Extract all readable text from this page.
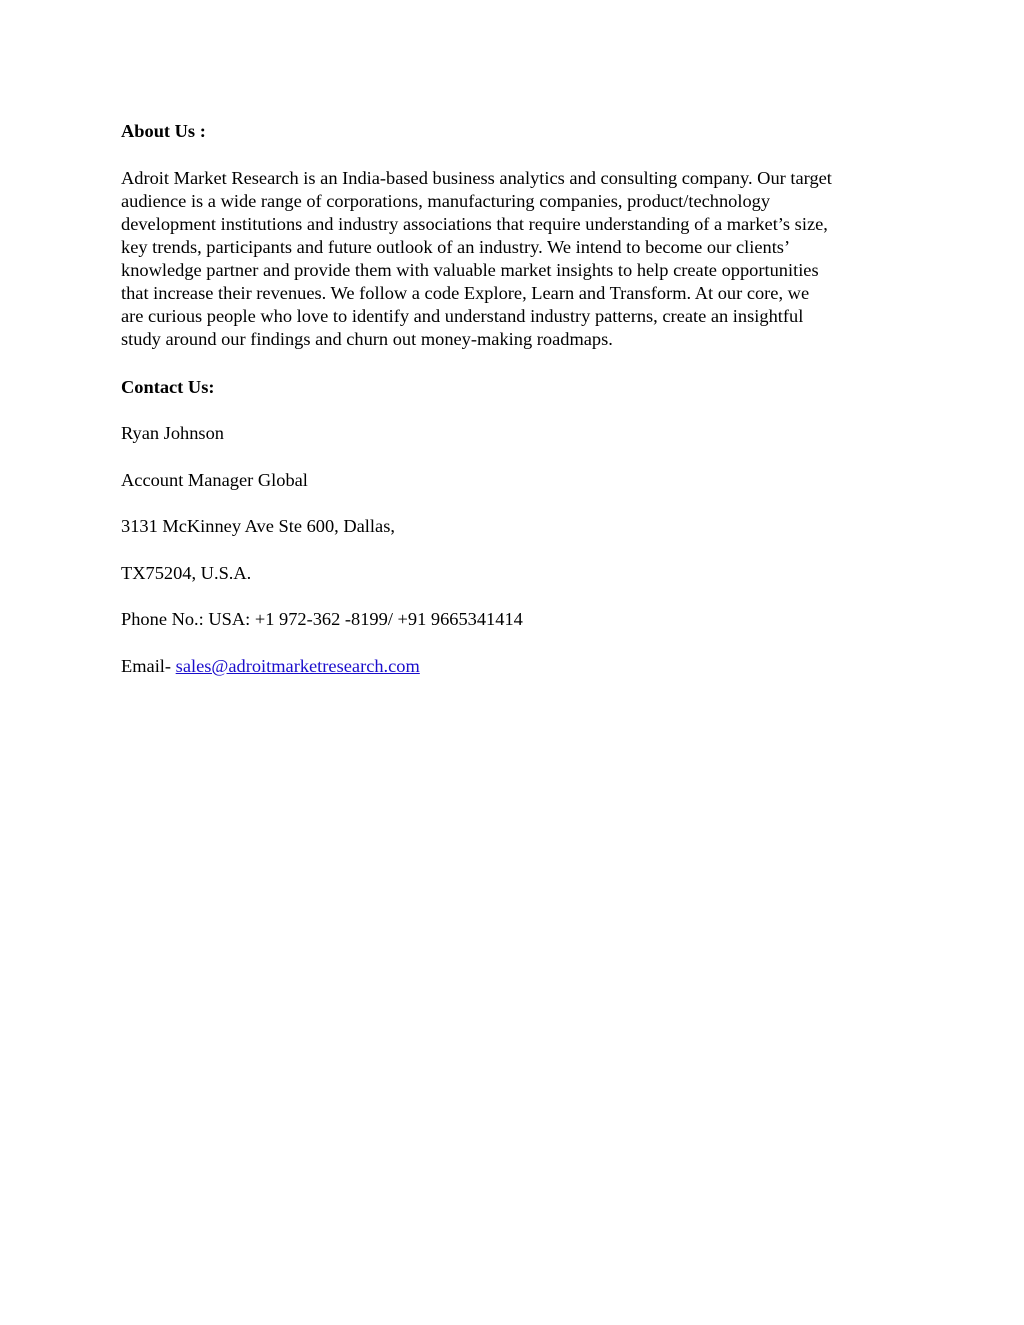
About Us :
Adroit Market Research is an India-based business analytics and consulting company. Our target
audience is a wide range of corporations, manufacturing companies, product/technology
development institutions and industry associations that require understanding of a market’s size,
key trends, participants and future outlook of an industry. We intend to become our clients’
knowledge partner and provide them with valuable market insights to help create opportunities
that increase their revenues. We follow a code Explore, Learn and Transform. At our core, we
are curious people who love to identify and understand industry patterns, create an insightful
study around our findings and churn out money-making roadmaps.
Contact Us:
Ryan Johnson
Account Manager Global
3131 McKinney Ave Ste 600, Dallas,
TX75204, U.S.A.
Phone No.: USA: +1 972-362 -8199/ +91 9665341414
Email- sales@adroitmarketresearch.com
